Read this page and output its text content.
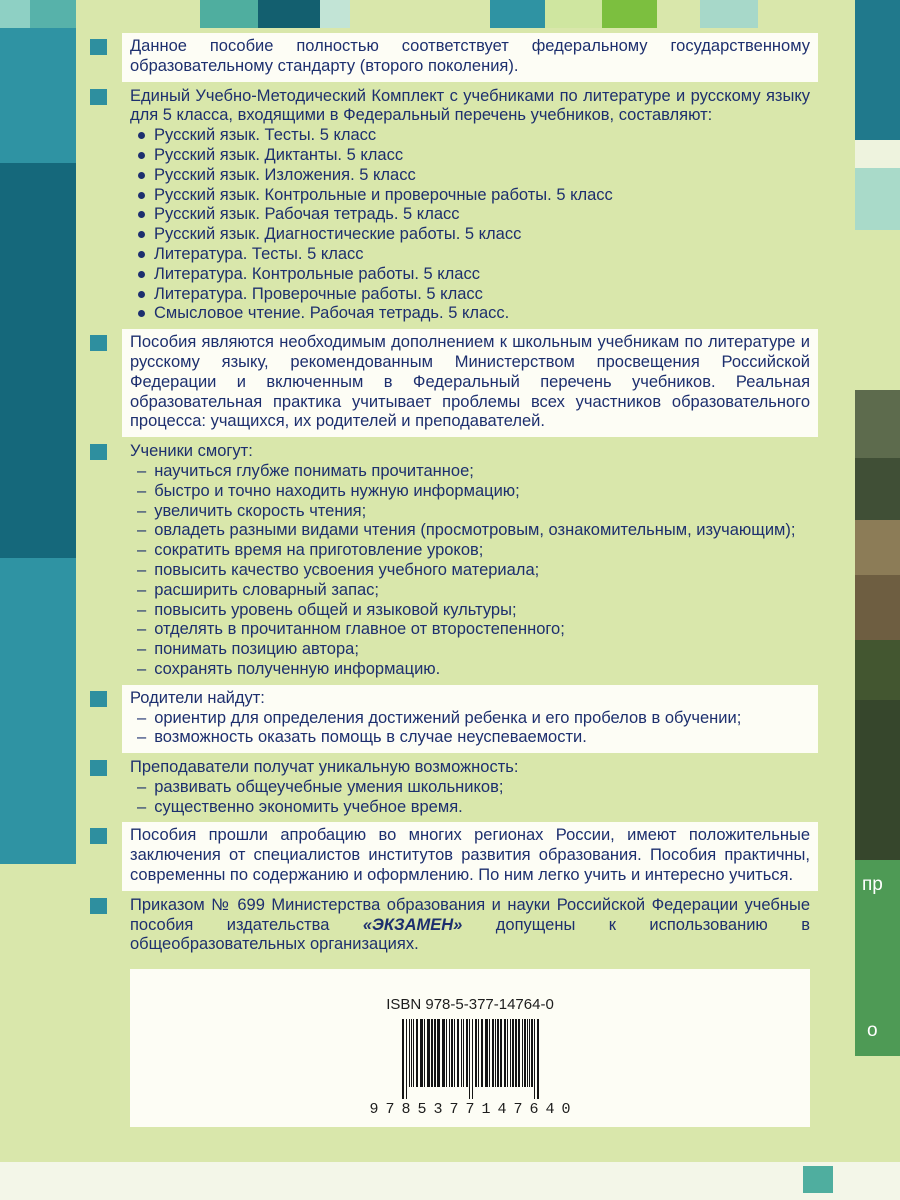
пр
о

Данное пособие полностью соответствует федеральному государственному образовательному стандарту (второго поколения).

Единый Учебно-Методический Комплект с учебниками по литературе и русскому языку для 5 класса, входящими в Федеральный перечень учебников, составляют:

Русский язык. Тесты. 5 класс
Русский язык. Диктанты. 5 класс
Русский язык. Изложения. 5 класс
Русский язык. Контрольные и проверочные работы. 5 класс
Русский язык. Рабочая тетрадь. 5 класс
Русский язык. Диагностические работы. 5 класс
Литература. Тесты. 5 класс
Литература. Контрольные работы. 5 класс
Литература. Проверочные работы. 5 класс
Смысловое чтение. Рабочая тетрадь. 5 класс.

Пособия являются необходимым дополнением к школьным учебникам по литературе и русскому языку, рекомендованным Министерством просвещения Российской Федерации и включенным в Федеральный перечень учебников. Реальная образовательная практика учитывает проблемы всех участников образовательного процесса: учащихся, их родителей и преподавателей.

Ученики смогут:

– научиться глубже понимать прочитанное;
– быстро и точно находить нужную информацию;
– увеличить скорость чтения;
– овладеть разными видами чтения (просмотровым, ознакомительным, изучающим);
– сократить время на приготовление уроков;
– повысить качество усвоения учебного материала;
– расширить словарный запас;
– повысить уровень общей и языковой культуры;
– отделять в прочитанном главное от второстепенного;
– понимать позицию автора;
– сохранять полученную информацию.

Родители найдут:

– ориентир для определения достижений ребенка и его пробелов в обучении;
– возможность оказать помощь в случае неуспеваемости.

Преподаватели получат уникальную возможность:

– развивать общеучебные умения школьников;
– существенно экономить учебное время.

Пособия прошли апробацию во многих регионах России, имеют положительные заключения от специалистов институтов развития образования. Пособия практичны, современны по содержанию и оформлению. По ним легко учить и интересно учиться.

Приказом № 699 Министерства образования и науки Российской Федерации учебные пособия издательства «ЭКЗАМЕН» допущены к использованию в общеобразовательных организациях.

ISBN 978-5-377-14764-0
9785377147640
